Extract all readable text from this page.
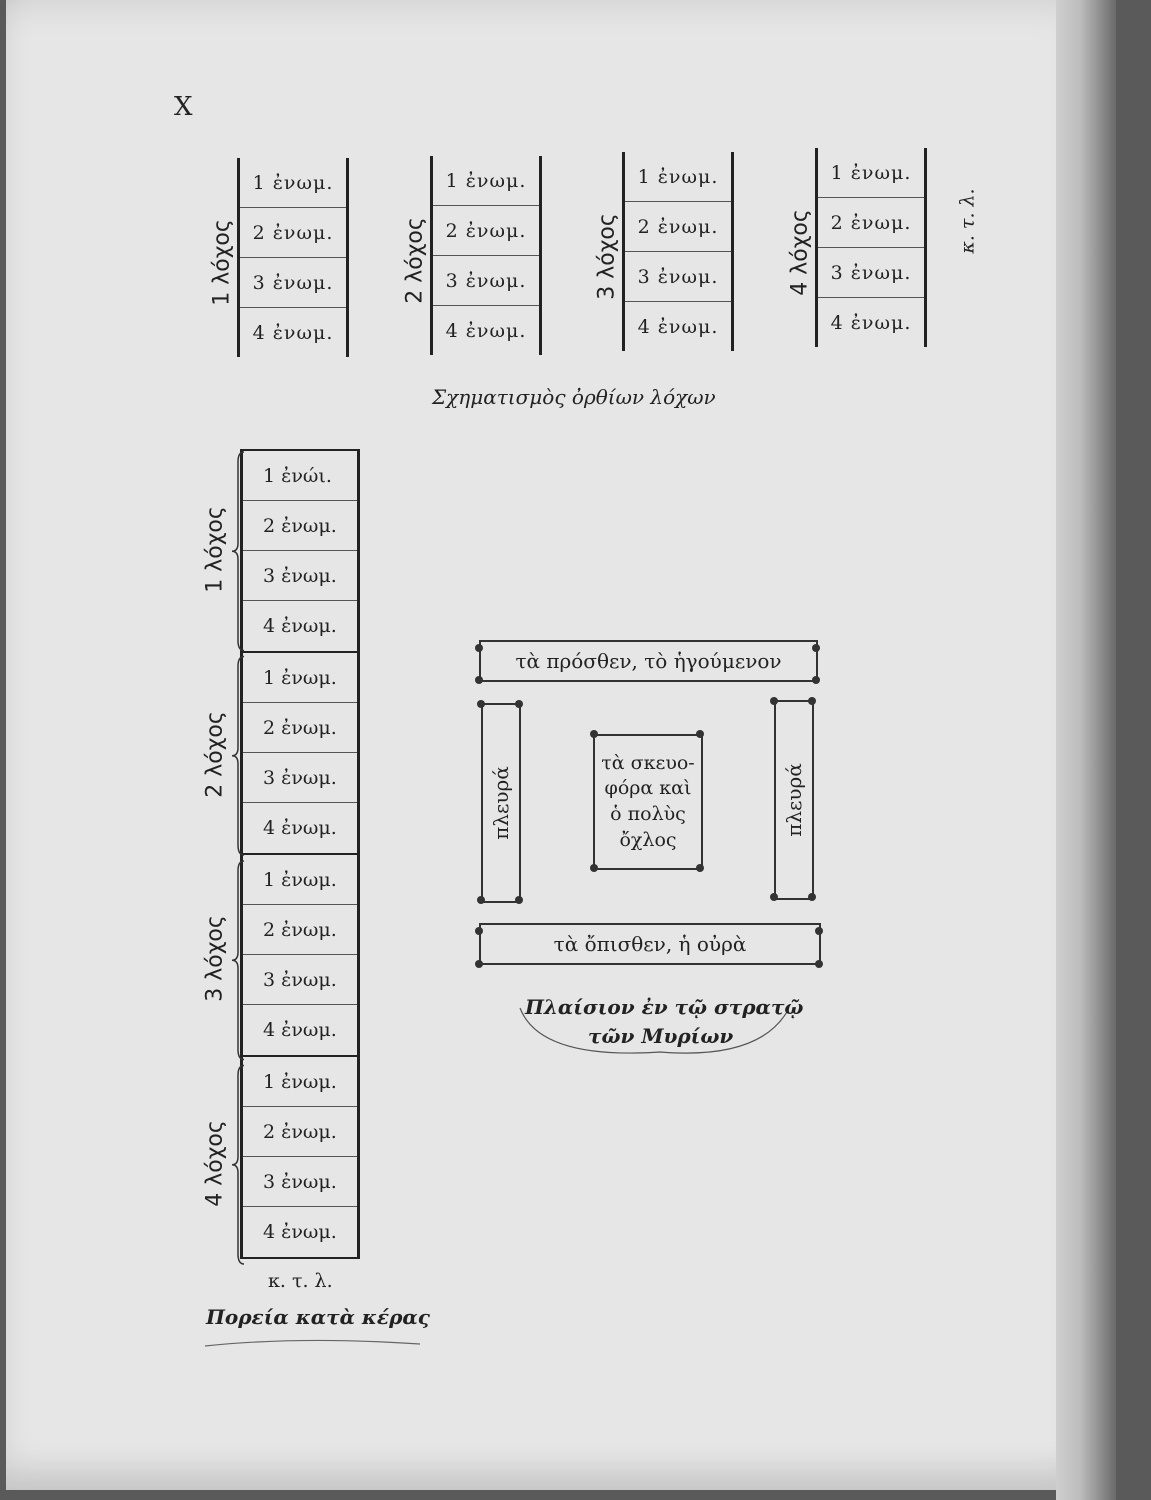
X
1 ἐνωμ.
2 ἐνωμ.
3 ἐνωμ.
4 ἐνωμ.
1 λόχος
1 ἐνωμ.
2 ἐνωμ.
3 ἐνωμ.
4 ἐνωμ.
2 λόχος
1 ἐνωμ.
2 ἐνωμ.
3 ἐνωμ.
4 ἐνωμ.
3 λόχος
1 ἐνωμ.
2 ἐνωμ.
3 ἐνωμ.
4 ἐνωμ.
4 λόχος	κ. τ. λ.
Σχηματισμὸς ὀρθίων λόχων
1 ἐνώι.
2 ἐνωμ.
3 ἐνωμ.
4 ἐνωμ.
1 ἐνωμ.
2 ἐνωμ.
3 ἐνωμ.
4 ἐνωμ.
1 ἐνωμ.
2 ἐνωμ.
3 ἐνωμ.
4 ἐνωμ.
1 ἐνωμ.
2 ἐνωμ.
3 ἐνωμ.
4 ἐνωμ.
1 λόχος
2 λόχος
3 λόχος
4 λόχος
κ. τ. λ.
Πορεία κατὰ κέρας
τὰ πρόσθεν, τὸ ἡγούμενον
τὰ ὄπισθεν, ἡ οὐρὰ
πλευρά	πλευρά
τὰ σκευο-
φόρα καὶ
ὁ πολὺς
ὄχλος
Πλαίσιον ἐν τῷ στρατῷ
τῶν Μυρίων
